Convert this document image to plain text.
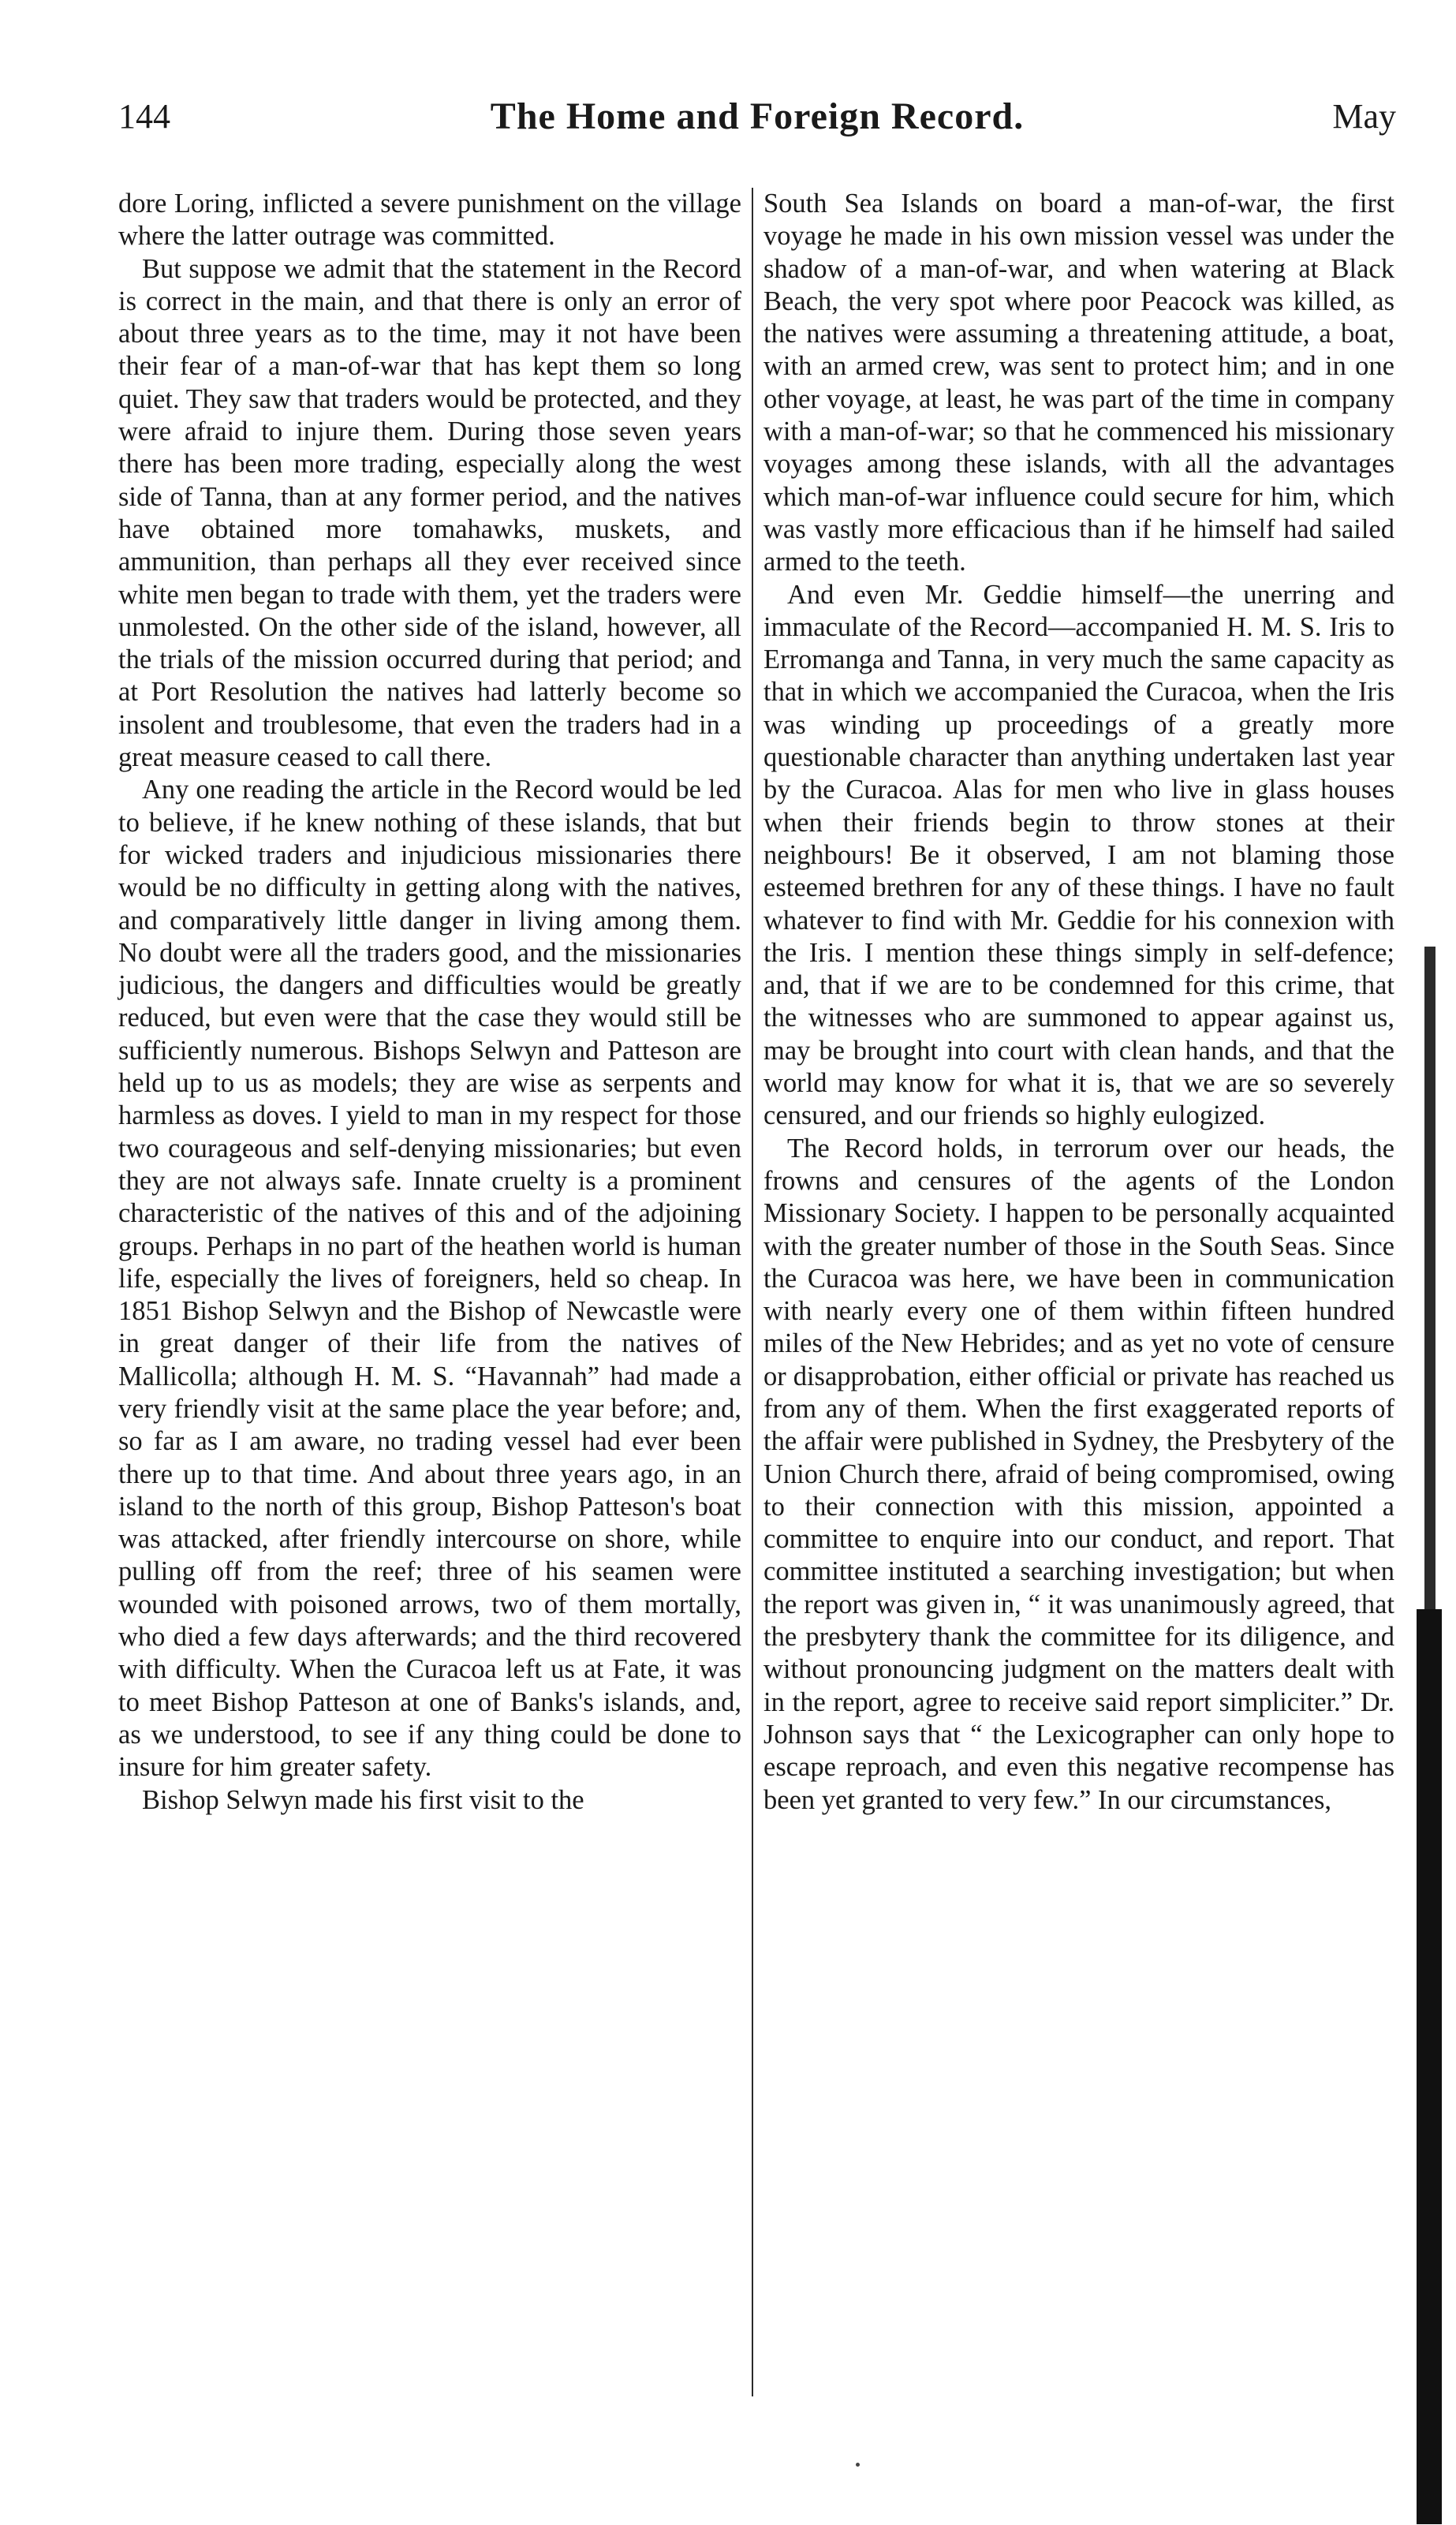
144	The Home and Foreign Record.	May

dore Loring, inflicted a severe punishment on the village where the latter outrage was committed.

But suppose we admit that the statement in the Record is correct in the main, and that there is only an error of about three years as to the time, may it not have been their fear of a man-of-war that has kept them so long quiet. They saw that traders would be protected, and they were afraid to injure them. During those seven years there has been more trading, especially along the west side of Tanna, than at any former period, and the natives have obtained more tomahawks, muskets, and ammunition, than perhaps all they ever received since white men began to trade with them, yet the traders were unmolested. On the other side of the island, however, all the trials of the mission occurred during that period; and at Port Resolution the natives had latterly become so insolent and troublesome, that even the traders had in a great measure ceased to call there.

Any one reading the article in the Record would be led to believe, if he knew nothing of these islands, that but for wicked traders and injudicious missionaries there would be no difficulty in getting along with the natives, and comparatively little danger in living among them. No doubt were all the traders good, and the missionaries judicious, the dangers and difficulties would be greatly reduced, but even were that the case they would still be sufficiently numerous. Bishops Selwyn and Patteson are held up to us as models; they are wise as serpents and harmless as doves. I yield to man in my respect for those two courageous and self-denying missionaries; but even they are not always safe. Innate cruelty is a prominent characteristic of the natives of this and of the adjoining groups. Perhaps in no part of the heathen world is human life, especially the lives of foreigners, held so cheap. In 1851 Bishop Selwyn and the Bishop of Newcastle were in great danger of their life from the natives of Mallicolla; although H. M. S. “Havannah” had made a very friendly visit at the same place the year before; and, so far as I am aware, no trading vessel had ever been there up to that time. And about three years ago, in an island to the north of this group, Bishop Patteson's boat was attacked, after friendly intercourse on shore, while pulling off from the reef; three of his seamen were wounded with poisoned arrows, two of them mortally, who died a few days afterwards; and the third recovered with difficulty. When the Curacoa left us at Fate, it was to meet Bishop Patteson at one of Banks's islands, and, as we understood, to see if any thing could be done to insure for him greater safety.

Bishop Selwyn made his first visit to the

South Sea Islands on board a man-of-war, the first voyage he made in his own mission vessel was under the shadow of a man-of-war, and when watering at Black Beach, the very spot where poor Peacock was killed, as the natives were assuming a threatening attitude, a boat, with an armed crew, was sent to protect him; and in one other voyage, at least, he was part of the time in company with a man-of-war; so that he commenced his missionary voyages among these islands, with all the advantages which man-of-war influence could secure for him, which was vastly more efficacious than if he himself had sailed armed to the teeth.

And even Mr. Geddie himself—the unerring and immaculate of the Record—accompanied H. M. S. Iris to Erromanga and Tanna, in very much the same capacity as that in which we accompanied the Curacoa, when the Iris was winding up proceedings of a greatly more questionable character than anything undertaken last year by the Curacoa. Alas for men who live in glass houses when their friends begin to throw stones at their neighbours! Be it observed, I am not blaming those esteemed brethren for any of these things. I have no fault whatever to find with Mr. Geddie for his connexion with the Iris. I mention these things simply in self-defence; and, that if we are to be condemned for this crime, that the witnesses who are summoned to appear against us, may be brought into court with clean hands, and that the world may know for what it is, that we are so severely censured, and our friends so highly eulogized.

The Record holds, in terrorum over our heads, the frowns and censures of the agents of the London Missionary Society. I happen to be personally acquainted with the greater number of those in the South Seas. Since the Curacoa was here, we have been in communication with nearly every one of them within fifteen hundred miles of the New Hebrides; and as yet no vote of censure or disapprobation, either official or private has reached us from any of them. When the first exaggerated reports of the affair were published in Sydney, the Presbytery of the Union Church there, afraid of being compromised, owing to their connection with this mission, appointed a committee to enquire into our conduct, and report. That committee instituted a searching investigation; but when the report was given in, “ it was unanimously agreed, that the presbytery thank the committee for its diligence, and without pronouncing judgment on the matters dealt with in the report, agree to receive said report simpliciter.” Dr. Johnson says that “ the Lexicographer can only hope to escape reproach, and even this negative recompense has been yet granted to very few.” In our circumstances,
